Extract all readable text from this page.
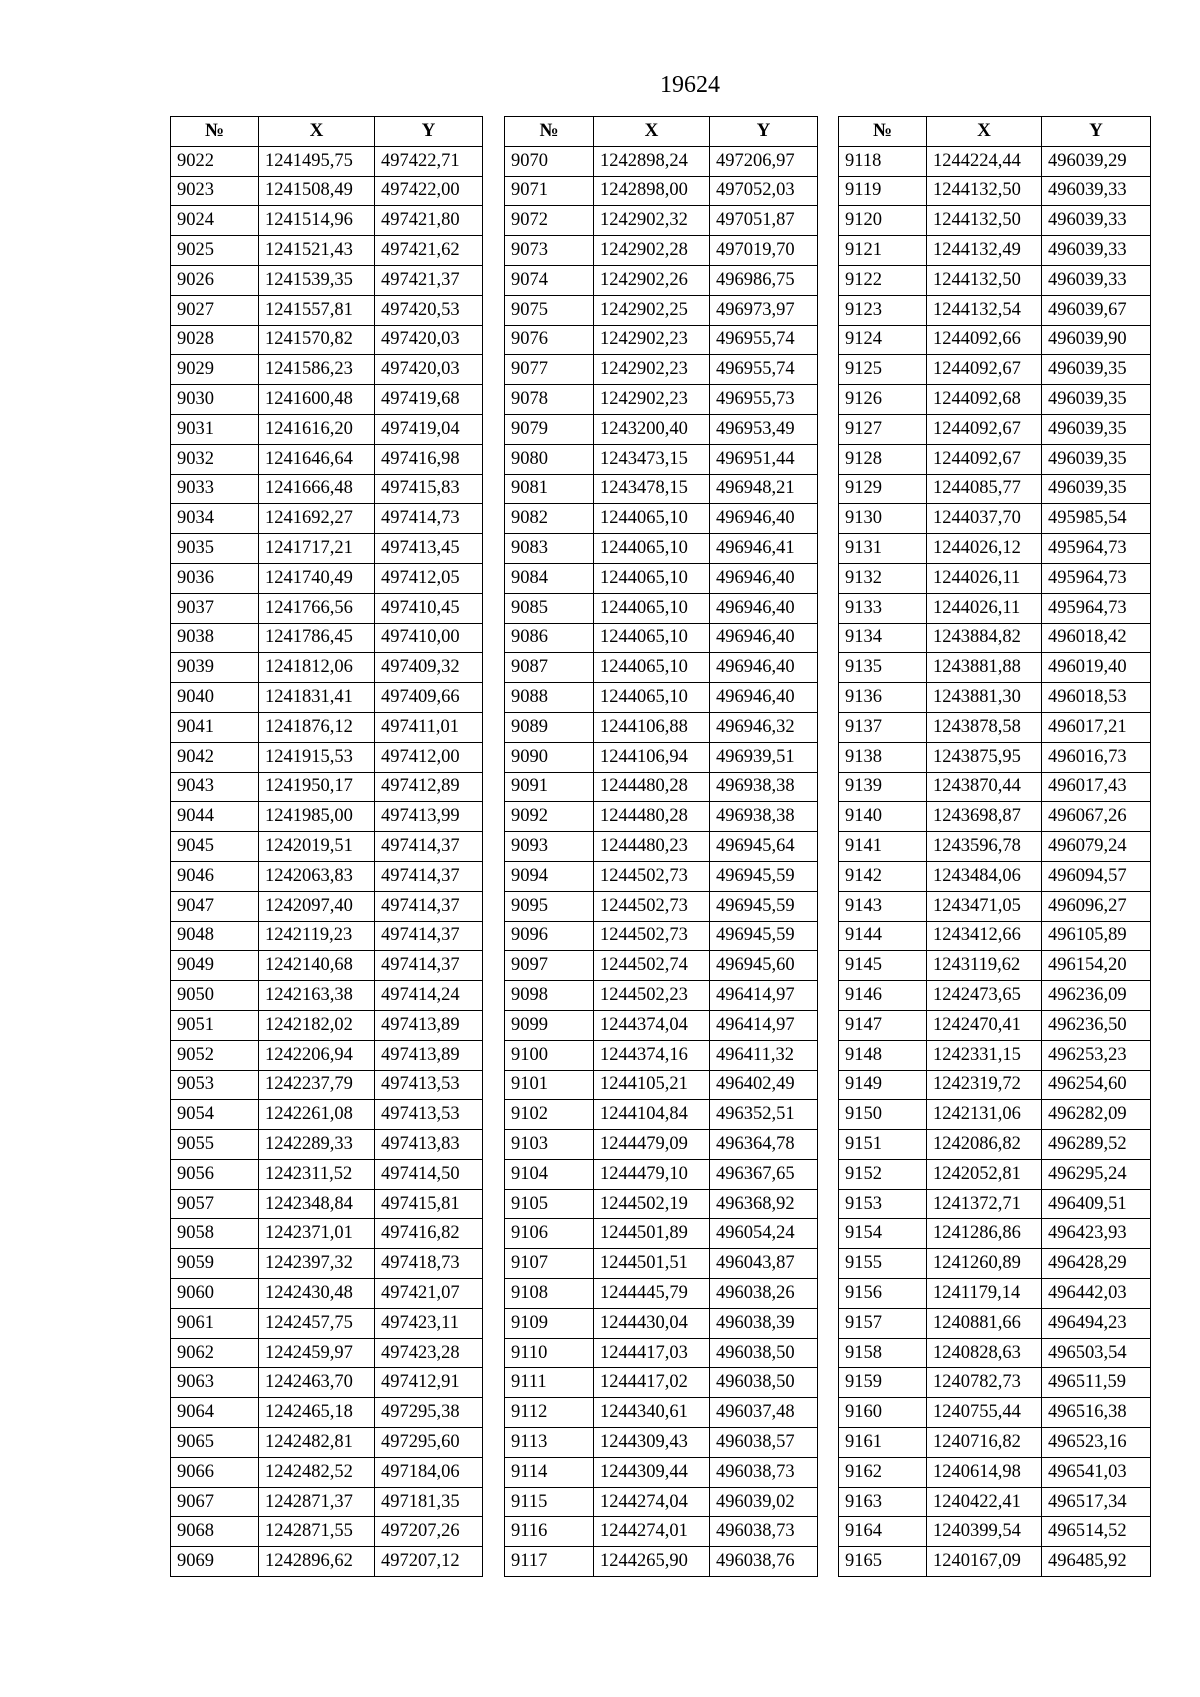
19624
№	X	Y
9022	1241495,75	497422,71
9023	1241508,49	497422,00
9024	1241514,96	497421,80
9025	1241521,43	497421,62
9026	1241539,35	497421,37
9027	1241557,81	497420,53
9028	1241570,82	497420,03
9029	1241586,23	497420,03
9030	1241600,48	497419,68
9031	1241616,20	497419,04
9032	1241646,64	497416,98
9033	1241666,48	497415,83
9034	1241692,27	497414,73
9035	1241717,21	497413,45
9036	1241740,49	497412,05
9037	1241766,56	497410,45
9038	1241786,45	497410,00
9039	1241812,06	497409,32
9040	1241831,41	497409,66
9041	1241876,12	497411,01
9042	1241915,53	497412,00
9043	1241950,17	497412,89
9044	1241985,00	497413,99
9045	1242019,51	497414,37
9046	1242063,83	497414,37
9047	1242097,40	497414,37
9048	1242119,23	497414,37
9049	1242140,68	497414,37
9050	1242163,38	497414,24
9051	1242182,02	497413,89
9052	1242206,94	497413,89
9053	1242237,79	497413,53
9054	1242261,08	497413,53
9055	1242289,33	497413,83
9056	1242311,52	497414,50
9057	1242348,84	497415,81
9058	1242371,01	497416,82
9059	1242397,32	497418,73
9060	1242430,48	497421,07
9061	1242457,75	497423,11
9062	1242459,97	497423,28
9063	1242463,70	497412,91
9064	1242465,18	497295,38
9065	1242482,81	497295,60
9066	1242482,52	497184,06
9067	1242871,37	497181,35
9068	1242871,55	497207,26
9069	1242896,62	497207,12
№	X	Y
9070	1242898,24	497206,97
9071	1242898,00	497052,03
9072	1242902,32	497051,87
9073	1242902,28	497019,70
9074	1242902,26	496986,75
9075	1242902,25	496973,97
9076	1242902,23	496955,74
9077	1242902,23	496955,74
9078	1242902,23	496955,73
9079	1243200,40	496953,49
9080	1243473,15	496951,44
9081	1243478,15	496948,21
9082	1244065,10	496946,40
9083	1244065,10	496946,41
9084	1244065,10	496946,40
9085	1244065,10	496946,40
9086	1244065,10	496946,40
9087	1244065,10	496946,40
9088	1244065,10	496946,40
9089	1244106,88	496946,32
9090	1244106,94	496939,51
9091	1244480,28	496938,38
9092	1244480,28	496938,38
9093	1244480,23	496945,64
9094	1244502,73	496945,59
9095	1244502,73	496945,59
9096	1244502,73	496945,59
9097	1244502,74	496945,60
9098	1244502,23	496414,97
9099	1244374,04	496414,97
9100	1244374,16	496411,32
9101	1244105,21	496402,49
9102	1244104,84	496352,51
9103	1244479,09	496364,78
9104	1244479,10	496367,65
9105	1244502,19	496368,92
9106	1244501,89	496054,24
9107	1244501,51	496043,87
9108	1244445,79	496038,26
9109	1244430,04	496038,39
9110	1244417,03	496038,50
9111	1244417,02	496038,50
9112	1244340,61	496037,48
9113	1244309,43	496038,57
9114	1244309,44	496038,73
9115	1244274,04	496039,02
9116	1244274,01	496038,73
9117	1244265,90	496038,76
№	X	Y
9118	1244224,44	496039,29
9119	1244132,50	496039,33
9120	1244132,50	496039,33
9121	1244132,49	496039,33
9122	1244132,50	496039,33
9123	1244132,54	496039,67
9124	1244092,66	496039,90
9125	1244092,67	496039,35
9126	1244092,68	496039,35
9127	1244092,67	496039,35
9128	1244092,67	496039,35
9129	1244085,77	496039,35
9130	1244037,70	495985,54
9131	1244026,12	495964,73
9132	1244026,11	495964,73
9133	1244026,11	495964,73
9134	1243884,82	496018,42
9135	1243881,88	496019,40
9136	1243881,30	496018,53
9137	1243878,58	496017,21
9138	1243875,95	496016,73
9139	1243870,44	496017,43
9140	1243698,87	496067,26
9141	1243596,78	496079,24
9142	1243484,06	496094,57
9143	1243471,05	496096,27
9144	1243412,66	496105,89
9145	1243119,62	496154,20
9146	1242473,65	496236,09
9147	1242470,41	496236,50
9148	1242331,15	496253,23
9149	1242319,72	496254,60
9150	1242131,06	496282,09
9151	1242086,82	496289,52
9152	1242052,81	496295,24
9153	1241372,71	496409,51
9154	1241286,86	496423,93
9155	1241260,89	496428,29
9156	1241179,14	496442,03
9157	1240881,66	496494,23
9158	1240828,63	496503,54
9159	1240782,73	496511,59
9160	1240755,44	496516,38
9161	1240716,82	496523,16
9162	1240614,98	496541,03
9163	1240422,41	496517,34
9164	1240399,54	496514,52
9165	1240167,09	496485,92
